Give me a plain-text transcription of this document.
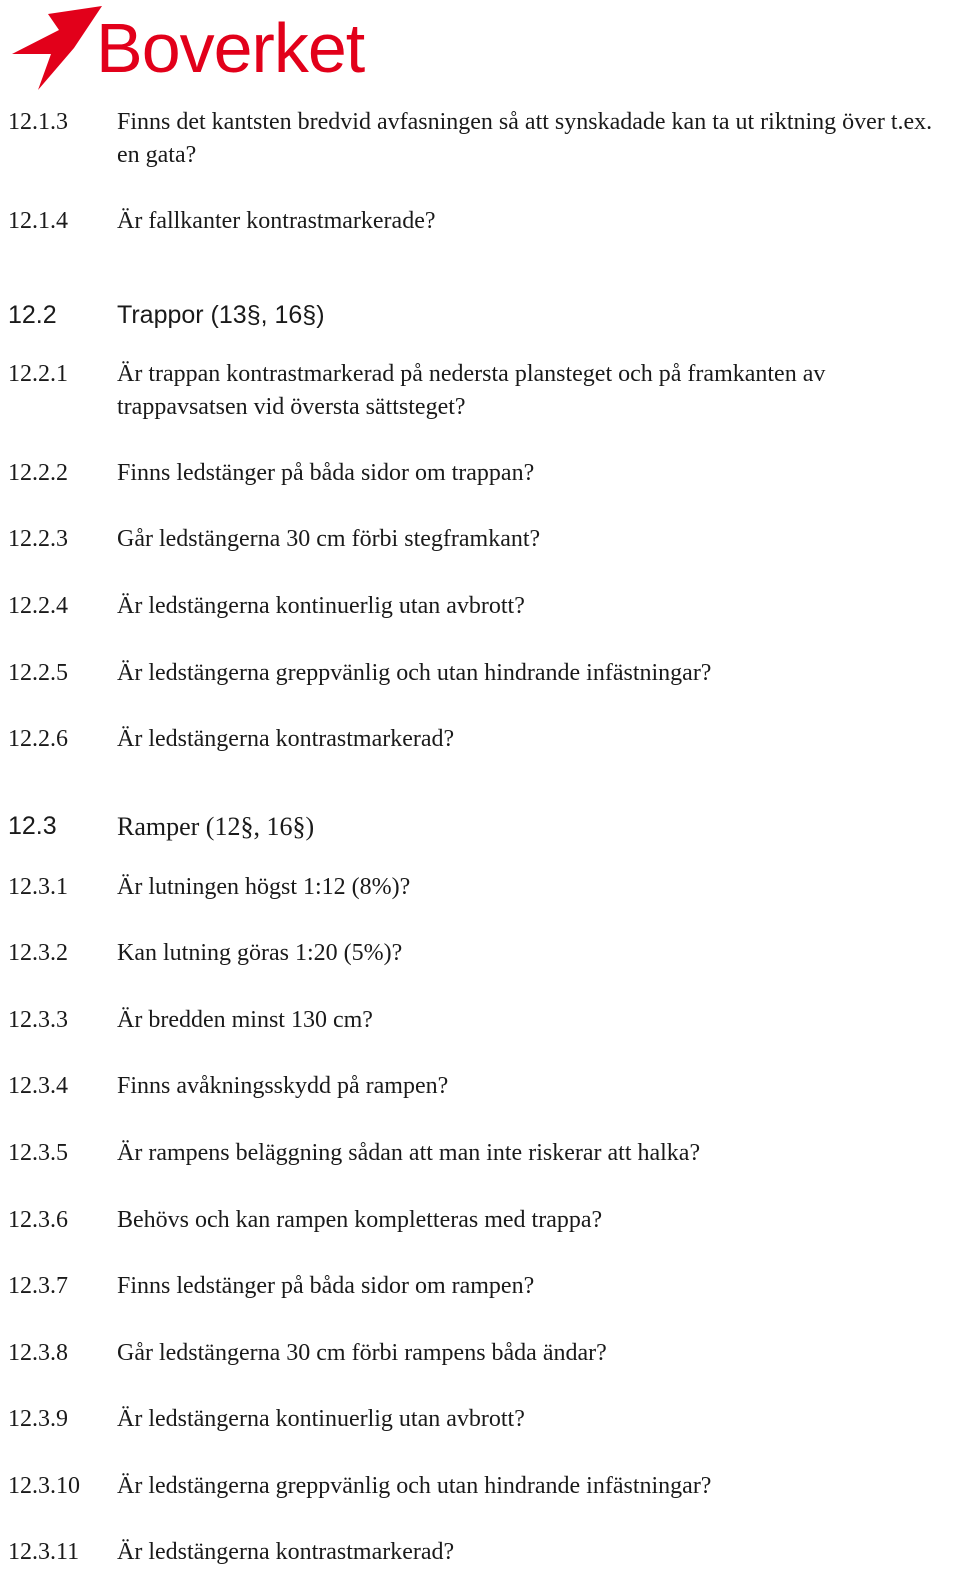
Boverket
12.1.3 Finns det kantsten bredvid avfasningen så att synskadade kan ta ut riktning över t.ex. en gata?
12.1.4 Är fallkanter kontrastmarkerade?
12.2 Trappor (13§, 16§)
12.2.1 Är trappan kontrastmarkerad på nedersta plansteget och på framkanten av trappavsatsen vid översta sättsteget?
12.2.2 Finns ledstänger på båda sidor om trappan?
12.2.3 Går ledstängerna 30 cm förbi stegframkant?
12.2.4 Är ledstängerna kontinuerlig utan avbrott?
12.2.5 Är ledstängerna greppvänlig och utan hindrande infästningar?
12.2.6 Är ledstängerna kontrastmarkerad?
12.3 Ramper (12§, 16§)
12.3.1 Är lutningen högst 1:12 (8%)?
12.3.2 Kan lutning göras 1:20 (5%)?
12.3.3 Är bredden minst 130 cm?
12.3.4 Finns avåkningsskydd på rampen?
12.3.5 Är rampens beläggning sådan att man inte riskerar att halka?
12.3.6 Behövs och kan rampen kompletteras med trappa?
12.3.7 Finns ledstänger på båda sidor om rampen?
12.3.8 Går ledstängerna 30 cm förbi rampens båda ändar?
12.3.9 Är ledstängerna kontinuerlig utan avbrott?
12.3.10 Är ledstängerna greppvänlig och utan hindrande infästningar?
12.3.11 Är ledstängerna kontrastmarkerad?
